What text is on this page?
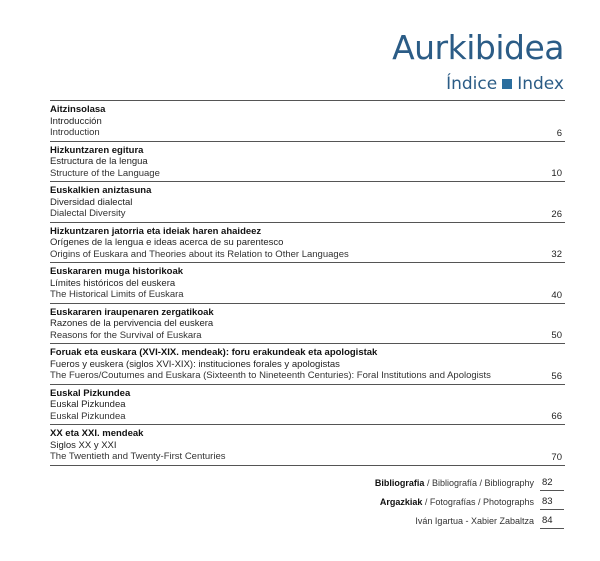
Aurkibidea
Índice Index
Aitzinsolasa
Introducción
Introduction	6
Hizkuntzaren egitura
Estructura de la lengua
Structure of the Language	10
Euskalkien aniztasuna
Diversidad dialectal
Dialectal Diversity	26
Hizkuntzaren jatorria eta ideiak haren ahaideez
Orígenes de la lengua e ideas acerca de su parentesco
Origins of Euskara and Theories about its Relation to Other Languages	32
Euskararen muga historikoak
Límites históricos del euskera
The Historical Limits of Euskara	40
Euskararen iraupenaren zergatikoak
Razones de la pervivencia del euskera
Reasons for the Survival of Euskara	50
Foruak eta euskara (XVI-XIX. mendeak): foru erakundeak eta apologistak
Fueros y euskera (siglos XVI-XIX): instituciones forales y apologistas
The Fueros/Coutumes and Euskara (Sixteenth to Nineteenth Centuries): Foral Institutions and Apologists	56
Euskal Pizkundea
Euskal Pizkundea
Euskal Pizkundea	66
XX eta XXI. mendeak
Siglos XX y XXI
The Twentieth and Twenty-First Centuries	70
Bibliografia / Bibliografía / Bibliography 82
Argazkiak / Fotografías / Photographs 83
Iván Igartua - Xabier Zabaltza 84
